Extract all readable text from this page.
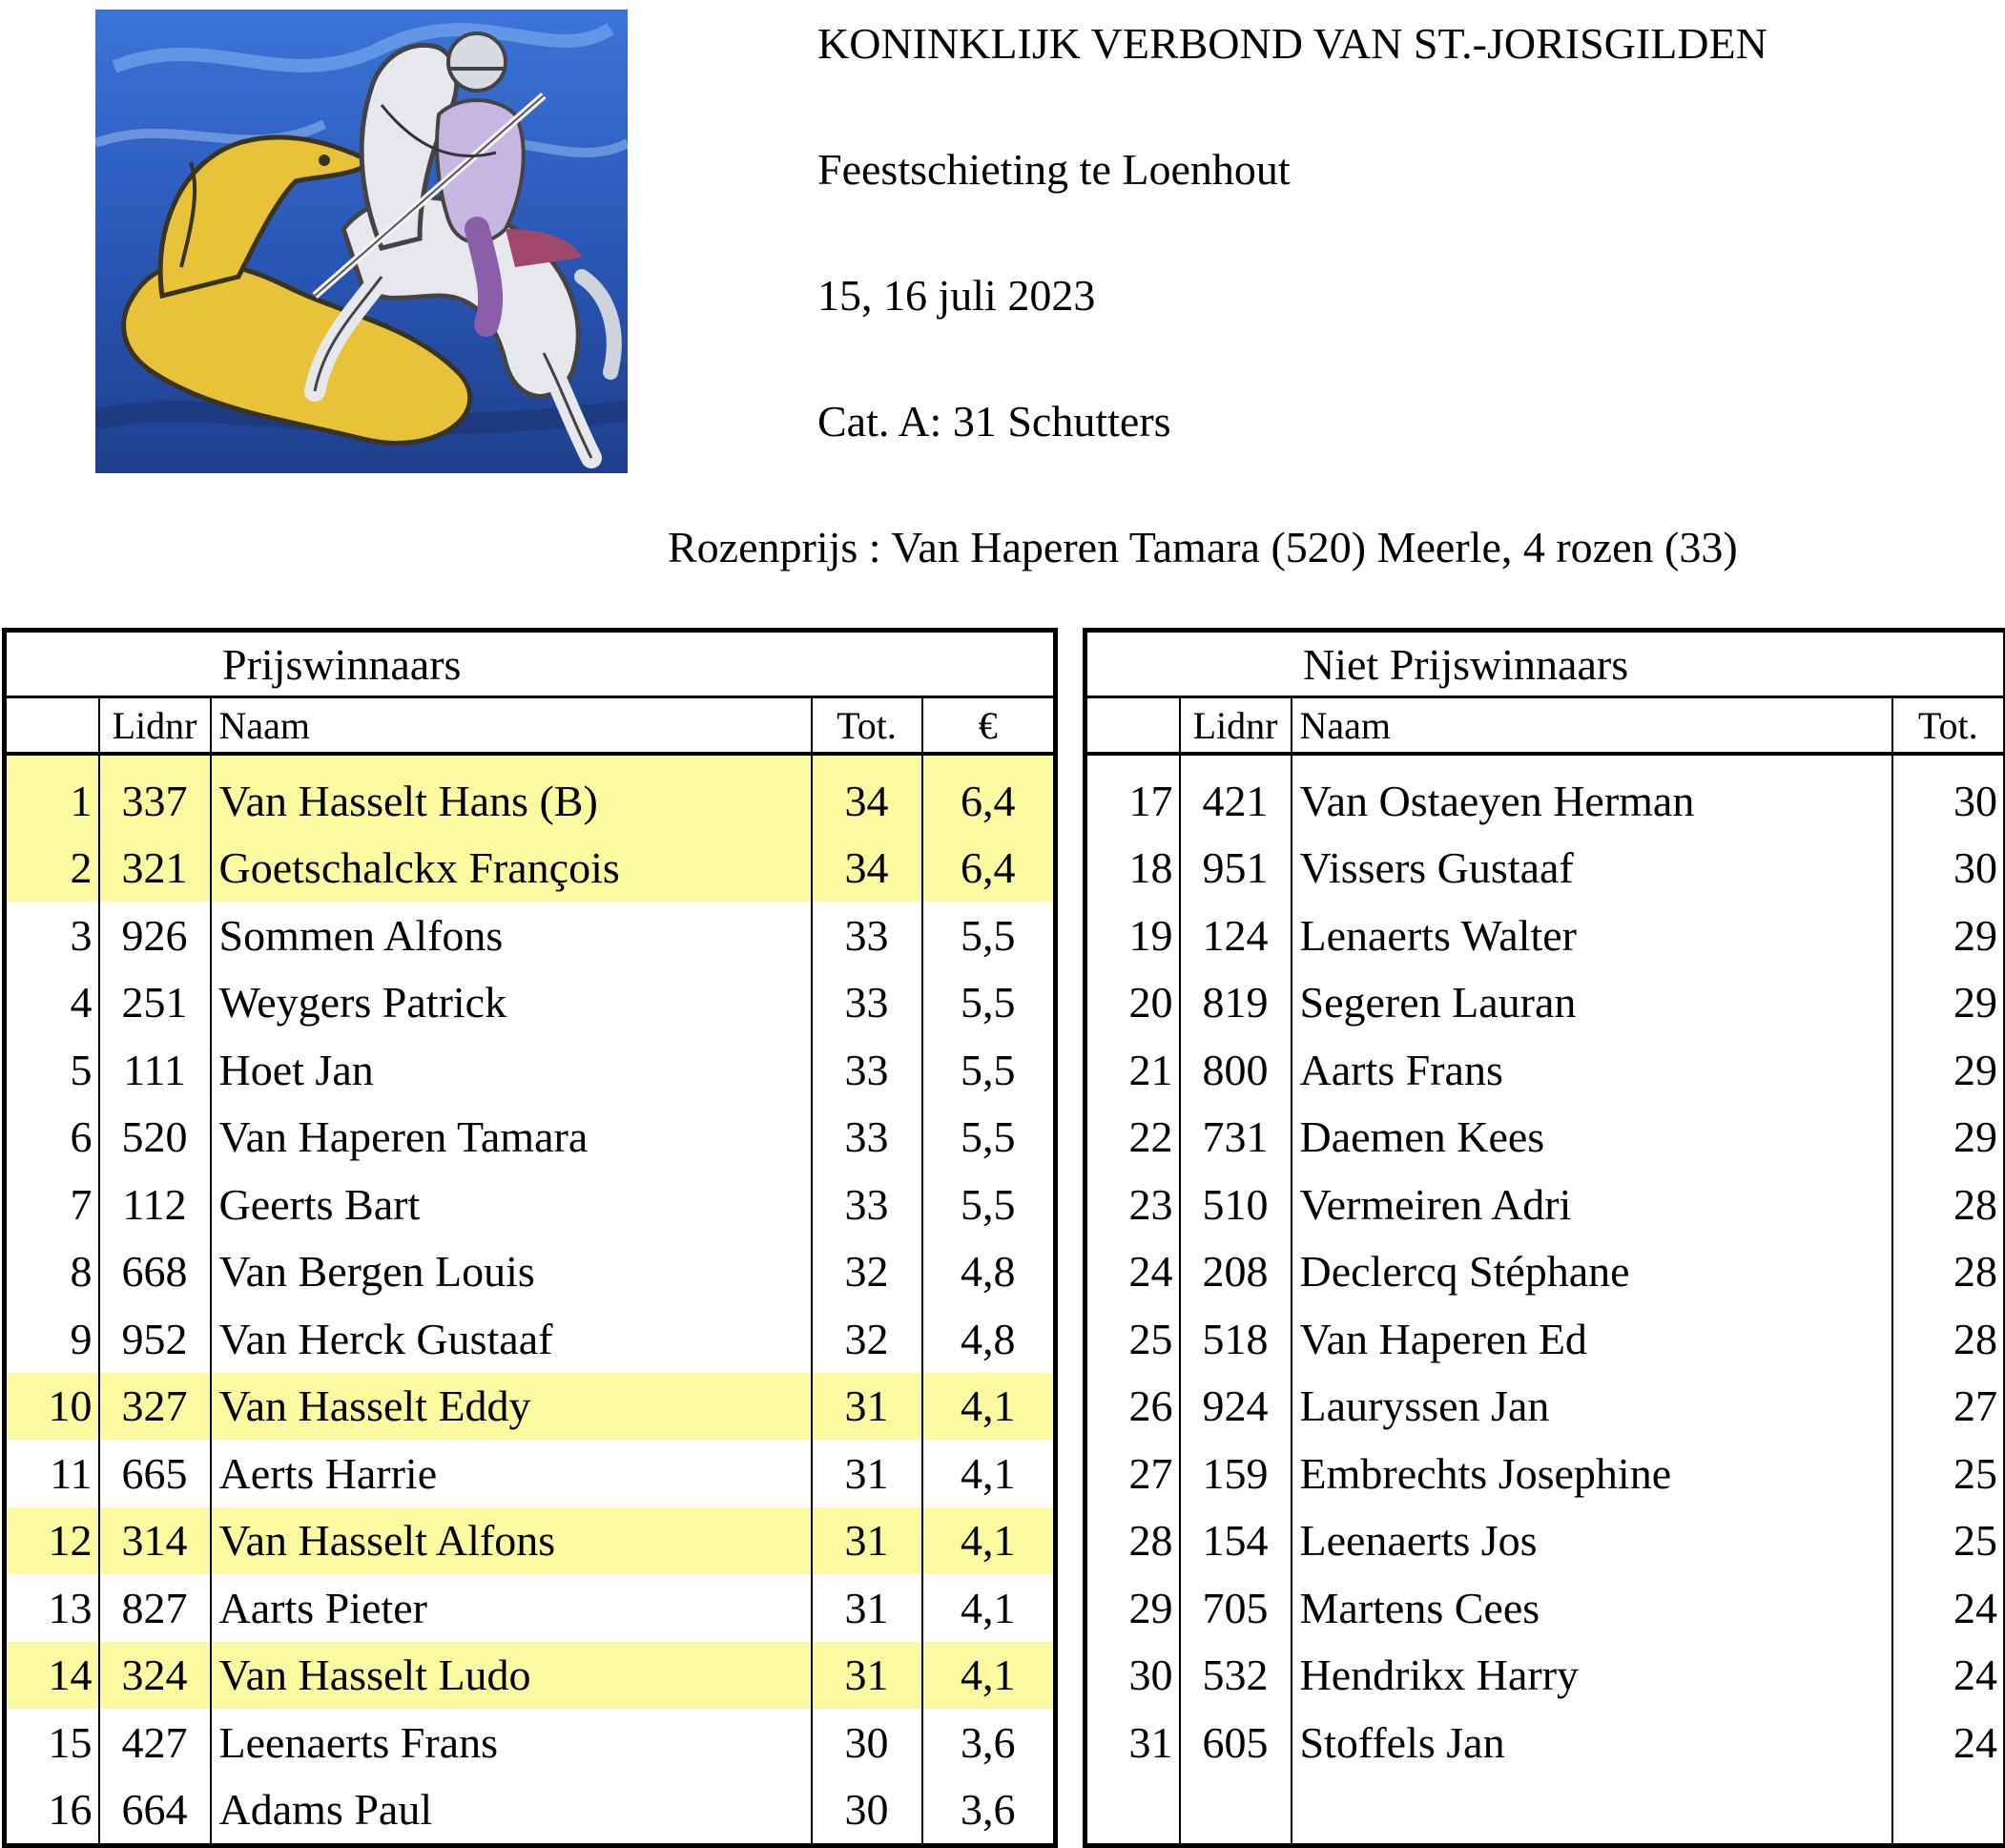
KONINKLIJK VERBOND VAN ST.-JORISGILDEN
Feestschieting te Loenhout
15, 16 juli 2023
Cat. A: 31 Schutters
Rozenprijs : Van Haperen Tamara (520) Meerle, 4 rozen (33)
Prijswinnaars				
	Lidnr	Naam	Tot.	€
1	337	Van Hasselt Hans (B)	34	6,4
2	321	Goetschalckx François	34	6,4
3	926	Sommen Alfons	33	5,5
4	251	Weygers Patrick	33	5,5
5	111	Hoet Jan	33	5,5
6	520	Van Haperen Tamara	33	5,5
7	112	Geerts Bart	33	5,5
8	668	Van Bergen Louis	32	4,8
9	952	Van Herck Gustaaf	32	4,8
10	327	Van Hasselt Eddy	31	4,1
11	665	Aerts Harrie	31	4,1
12	314	Van Hasselt Alfons	31	4,1
13	827	Aarts Pieter	31	4,1
14	324	Van Hasselt Ludo	31	4,1
15	427	Leenaerts Frans	30	3,6
16	664	Adams Paul	30	3,6
Niet Prijswinnaars			
	Lidnr	Naam	Tot.
17	421	Van Ostaeyen Herman	30
18	951	Vissers Gustaaf	30
19	124	Lenaerts Walter	29
20	819	Segeren Lauran	29
21	800	Aarts Frans	29
22	731	Daemen Kees	29
23	510	Vermeiren Adri	28
24	208	Declercq Stéphane	28
25	518	Van Haperen Ed	28
26	924	Lauryssen Jan	27
27	159	Embrechts Josephine	25
28	154	Leenaerts Jos	25
29	705	Martens Cees	24
30	532	Hendrikx Harry	24
31	605	Stoffels Jan	24
